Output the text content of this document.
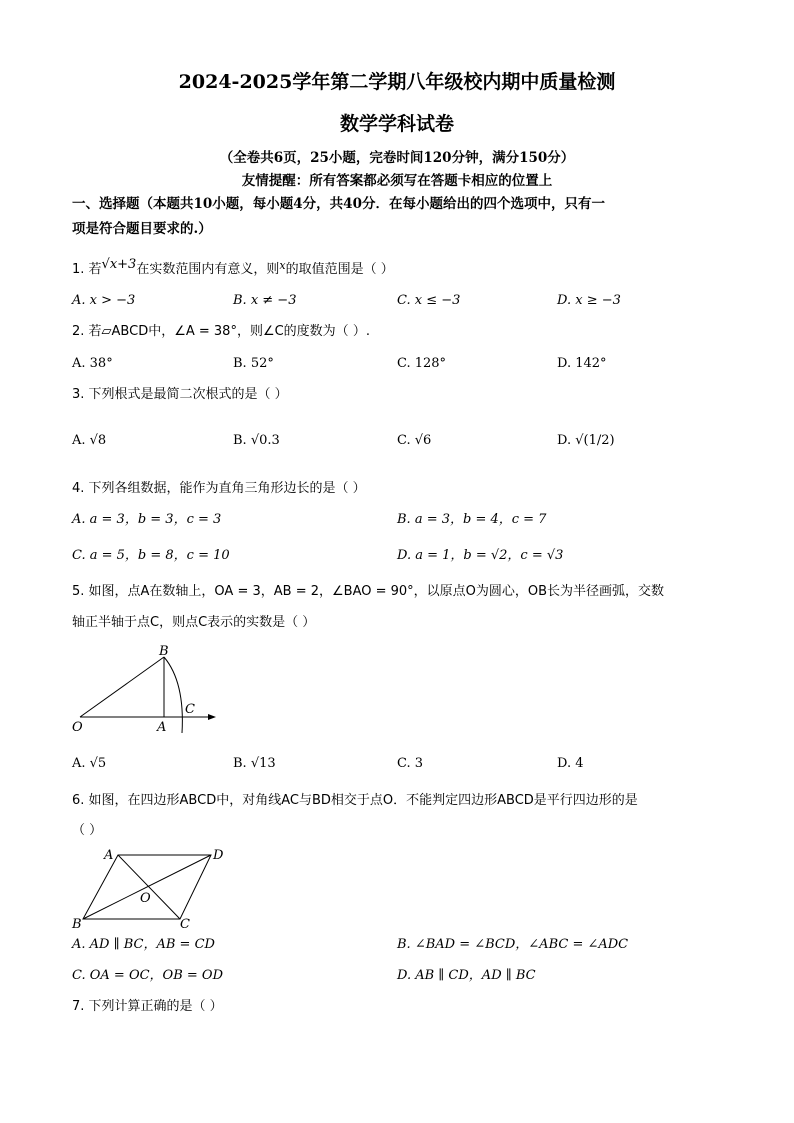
2024-2025学年第二学期八年级校内期中质量检测
数学学科试卷
（全卷共6页，25小题，完卷时间120分钟，满分150分）
友情提醒：所有答案都必须写在答题卡相应的位置上
一、选择题（本题共10小题，每小题4分，共40分．在每小题给出的四个选项中，只有一
项是符合题目要求的.）
1. 若√x+3在实数范围内有意义，则$^x$的取值范围是（ ）
A. x > −3	B. x ≠ −3	C. x ≤ −3	D. x ≥ −3
2. 若▱ABCD中，∠A = 38°，则∠C的度数为（ ）.
A. 38°	B. 52°	C. 128°	D. 142°
3. 下列根式是最简二次根式的是（ ）
A. √8	B. √0.3	C. √6	D. √(1/2)
4. 下列各组数据，能作为直角三角形边长的是（ ）
A. a = 3，b = 3，c = 3	B. a = 3，b = 4，c = 7
C. a = 5，b = 8，c = 10	D. a = 1，b = √2，c = √3
5. 如图，点A在数轴上，OA = 3，AB = 2，∠BAO = 90°，以原点O为圆心，OB长为半径画弧，交数
轴正半轴于点C，则点C表示的实数是（ ）
B
C
O	A
A. √5	B. √13	C. 3	D. 4
6. 如图，在四边形ABCD中，对角线AC与BD相交于点O．不能判定四边形ABCD是平行四边形的是
（ ）
A	D
O
B	C
A. AD ∥ BC，AB = CD	B. ∠BAD = ∠BCD，∠ABC = ∠ADC
C. OA = OC，OB = OD	D. AB ∥ CD，AD ∥ BC
7. 下列计算正确的是（ ）
